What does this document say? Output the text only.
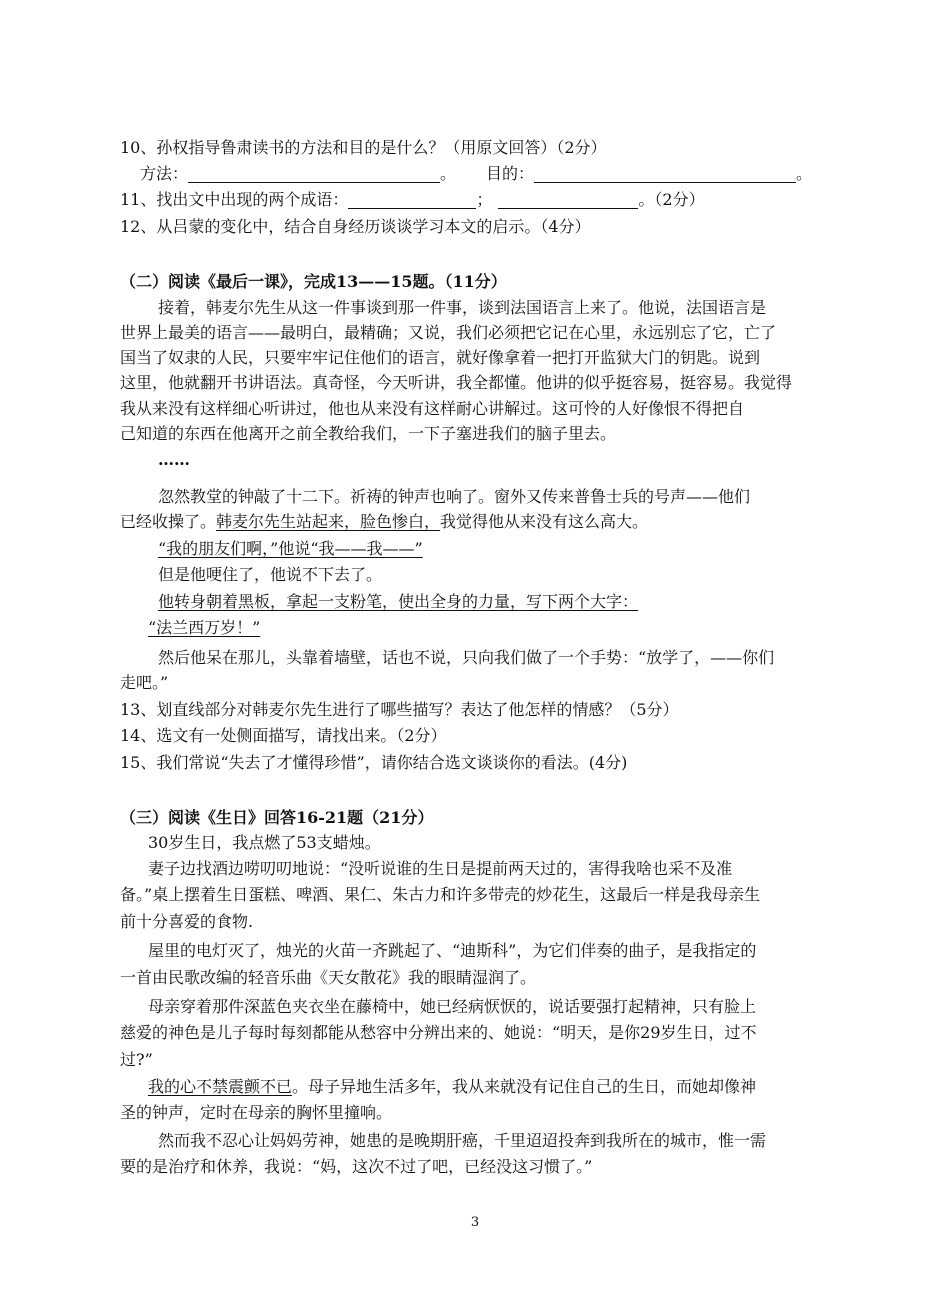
10、孙权指导鲁肃读书的方法和目的是什么？（用原文回答）（2分）
方法：	。 目的：	。
11、找出文中出现的两个成语：	；	。（2分）
12、从吕蒙的变化中，结合自身经历谈谈学习本文的启示。（4分）
（二）阅读《最后一课》，完成13——15题。（11分）
接着，韩麦尔先生从这一件事谈到那一件事，谈到法国语言上来了。他说，法国语言是
世界上最美的语言——最明白，最精确；又说，我们必须把它记在心里，永远别忘了它，亡了
国当了奴隶的人民，只要牢牢记住他们的语言，就好像拿着一把打开监狱大门的钥匙。说到
这里，他就翻开书讲语法。真奇怪，今天听讲，我全都懂。他讲的似乎挺容易，挺容易。我觉得
我从来没有这样细心听讲过，他也从来没有这样耐心讲解过。这可怜的人好像恨不得把自
己知道的东西在他离开之前全教给我们，一下子塞进我们的脑子里去。
……
忽然教堂的钟敲了十二下。祈祷的钟声也响了。窗外又传来普鲁士兵的号声——他们
已经收操了。韩麦尔先生站起来，脸色惨白，我觉得他从来没有这么高大。
“我的朋友们啊，”他说“我——我——”
但是他哽住了，他说不下去了。
他转身朝着黑板，拿起一支粉笔，使出全身的力量，写下两个大字：
“法兰西万岁！”
然后他呆在那儿，头靠着墙壁，话也不说，只向我们做了一个手势：“放学了，——你们
走吧。”
13、划直线部分对韩麦尔先生进行了哪些描写？表达了他怎样的情感？（5分）
14、选文有一处侧面描写，请找出来。（2分）
15、我们常说“失去了才懂得珍惜”，请你结合选文谈谈你的看法。(4分)
（三）阅读《生日》回答16-21题（21分）
30岁生日，我点燃了53支蜡烛。
妻子边找酒边唠叨叨地说：“没听说谁的生日是提前两天过的，害得我啥也采不及准
备。”桌上摆着生日蛋糕、啤酒、果仁、朱古力和许多带壳的炒花生，这最后一样是我母亲生
前十分喜爱的食物.
屋里的电灯灭了，烛光的火苗一齐跳起了、“迪斯科”，为它们伴奏的曲子，是我指定的
一首由民歌改编的轻音乐曲《天女散花》我的眼睛湿润了。
母亲穿着那件深蓝色夹衣坐在藤椅中，她已经病恹恹的，说话要强打起精神，只有脸上
慈爱的神色是儿子每时每刻都能从愁容中分辨出来的、她说：“明天，是你29岁生日，过不
过?”
我的心不禁震颤不已。母子异地生活多年，我从来就没有记住自己的生日，而她却像神
圣的钟声，定时在母亲的胸怀里撞响。
然而我不忍心让妈妈劳神，她患的是晚期肝癌，千里迢迢投奔到我所在的城市，惟一需
要的是治疗和休养，我说：“妈，这次不过了吧，已经没这习惯了。”
3
